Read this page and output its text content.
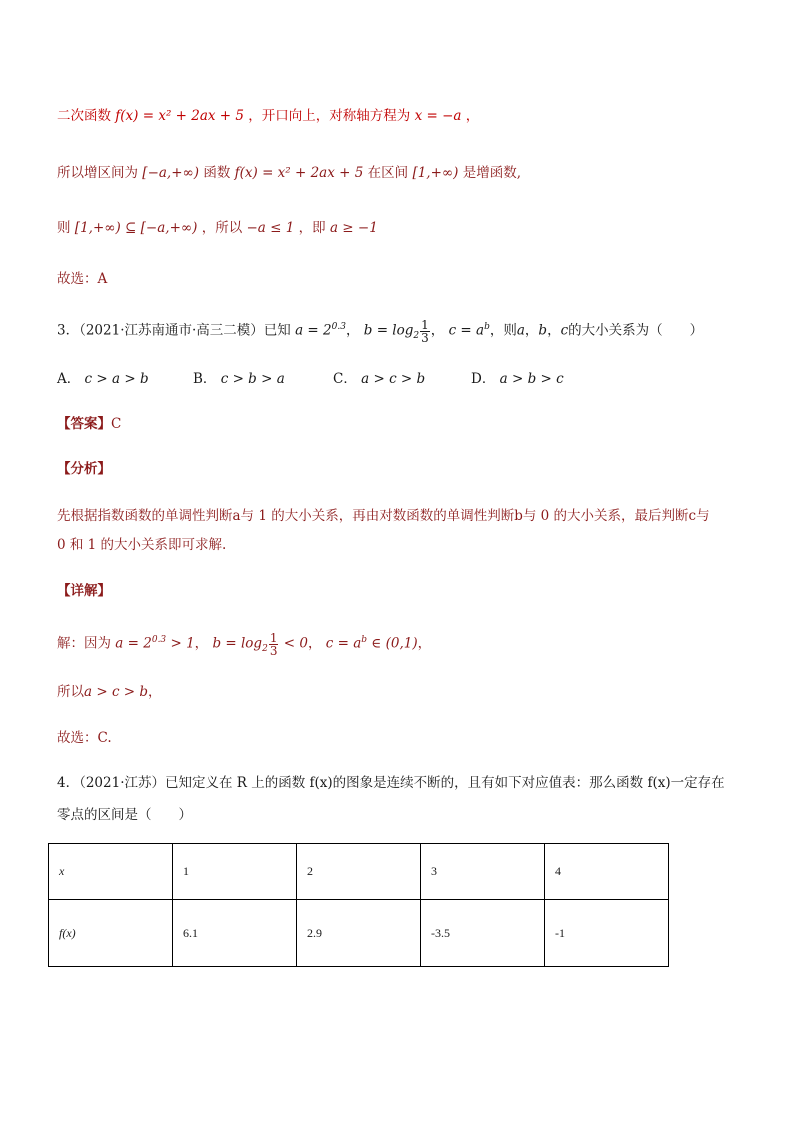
二次函数 f(x) = x² + 2ax + 5 ，开口向上，对称轴方程为 x = −a ，
所以增区间为 [−a,+∞) 函数 f(x) = x² + 2ax + 5 在区间 [1,+∞) 是增函数,
则 [1,+∞) ⊆ [−a,+∞) ，所以 −a ≤ 1 ，即 a ≥ −1
故选：A
3．（2021·江苏南通市·高三二模）已知 $a = 2^{0.3}$， $b = \log_2 \frac{1}{3}$ ， $c = a^b$，则a，b，c的大小关系为（　　）
A． c > a > b	B． c > b > a	C． a > c > b	D． a > b > c
【答案】C
【分析】
先根据指数函数的单调性判断a与 1 的大小关系，再由对数函数的单调性判断b与 0 的大小关系，最后判断c与
0 和 1 的大小关系即可求解.
【详解】
解：因为 $a = 2^{0.3} > 1$， $b = \log_2 \frac{1}{3} < 0$， $c = a^b$ ∈ (0,1)，
所以a > c > b，
故选：C.
4．（2021·江苏）已知定义在 R 上的函数 f(x)的图象是连续不断的，且有如下对应值表：那么函数 f(x)一定存在
零点的区间是（　　）
x	1	2	3	4
f(x)	6.1	2.9	-3.5	-1
